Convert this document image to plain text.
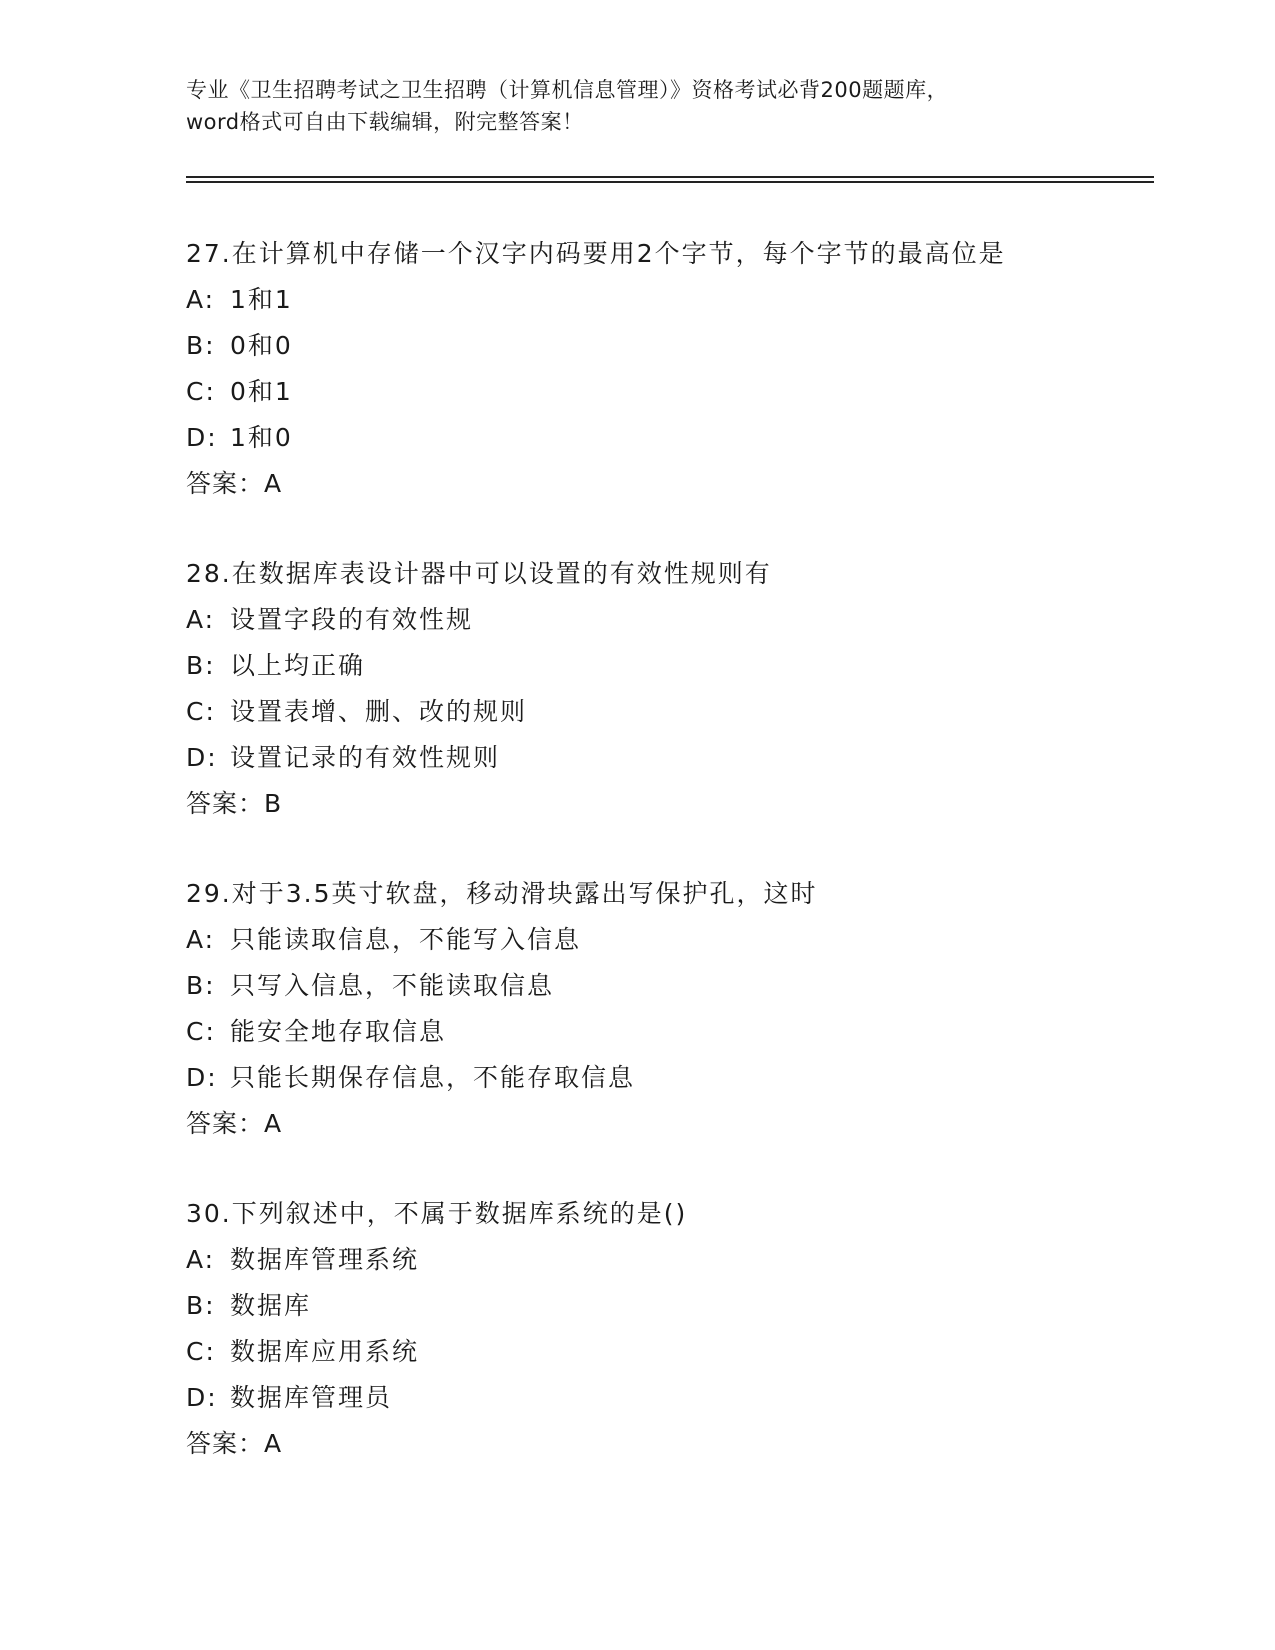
专业《卫生招聘考试之卫生招聘（计算机信息管理）》资格考试必背200题题库，
word格式可自由下载编辑，附完整答案！
27.在计算机中存储一个汉字内码要用2个字节，每个字节的最高位是
A: 1和1
B: 0和0
C: 0和1
D: 1和0
答案：A
28.在数据库表设计器中可以设置的有效性规则有
A: 设置字段的有效性规
B: 以上均正确
C: 设置表增、删、改的规则
D: 设置记录的有效性规则
答案：B
29.对于3.5英寸软盘，移动滑块露出写保护孔，这时
A: 只能读取信息，不能写入信息
B: 只写入信息，不能读取信息
C: 能安全地存取信息
D: 只能长期保存信息，不能存取信息
答案：A
30.下列叙述中，不属于数据库系统的是()
A: 数据库管理系统
B: 数据库
C: 数据库应用系统
D: 数据库管理员
答案：A
